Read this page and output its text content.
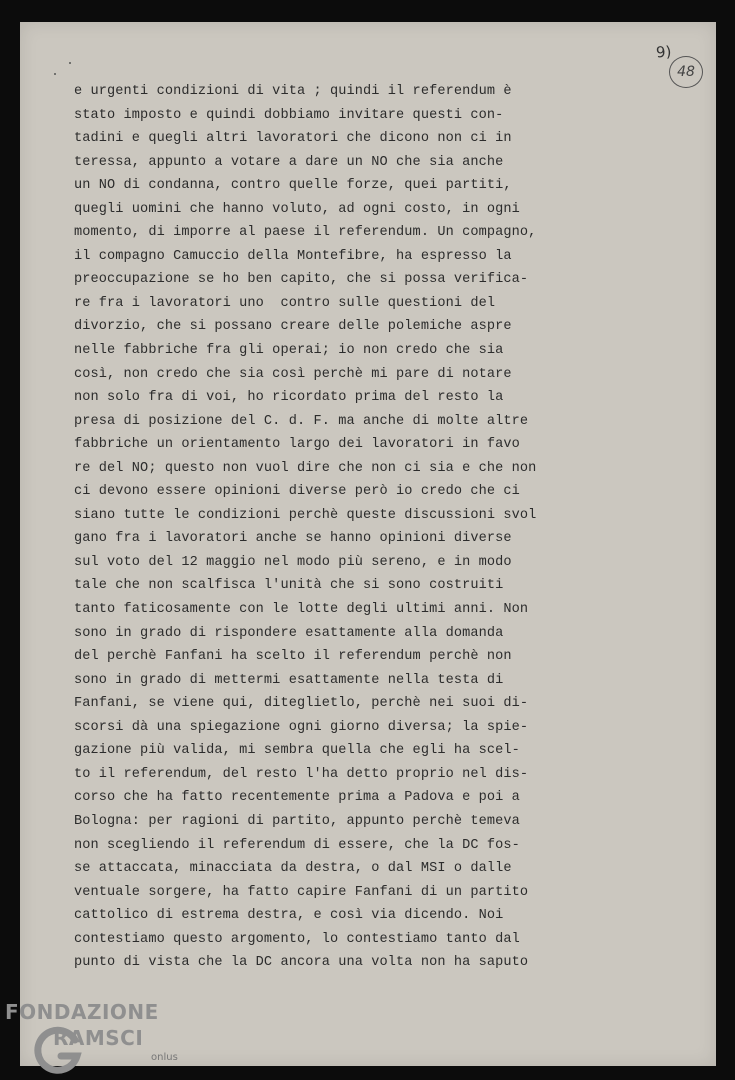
9)
48
e urgenti condizioni di vita ; quindi il referendum è
stato imposto e quindi dobbiamo invitare questi con-
tadini e quegli altri lavoratori che dicono non ci in
teressa, appunto a votare a dare un NO che sia anche
un NO di condanna, contro quelle forze, quei partiti,
quegli uomini che hanno voluto, ad ogni costo, in ogni
momento, di imporre al paese il referendum. Un compagno,
il compagno Camuccio della Montefibre, ha espresso la
preoccupazione se ho ben capito, che si possa verifica-
re fra i lavoratori uno  contro sulle questioni del
divorzio, che si possano creare delle polemiche aspre
nelle fabbriche fra gli operai; io non credo che sia
così, non credo che sia così perchè mi pare di notare
non solo fra di voi, ho ricordato prima del resto la
presa di posizione del C. d. F. ma anche di molte altre
fabbriche un orientamento largo dei lavoratori in favo
re del NO; questo non vuol dire che non ci sia e che non
ci devono essere opinioni diverse però io credo che ci
siano tutte le condizioni perchè queste discussioni svol
gano fra i lavoratori anche se hanno opinioni diverse
sul voto del 12 maggio nel modo più sereno, e in modo
tale che non scalfisca l'unità che si sono costruiti
tanto faticosamente con le lotte degli ultimi anni. Non
sono in grado di rispondere esattamente alla domanda
del perchè Fanfani ha scelto il referendum perchè non
sono in grado di mettermi esattamente nella testa di
Fanfani, se viene qui, diteglietlo, perchè nei suoi di-
scorsi dà una spiegazione ogni giorno diversa; la spie-
gazione più valida, mi sembra quella che egli ha scel-
to il referendum, del resto l'ha detto proprio nel dis-
corso che ha fatto recentemente prima a Padova e poi a
Bologna: per ragioni di partito, appunto perchè temeva
non scegliendo il referendum di essere, che la DC fos-
se attaccata, minacciata da destra, o dal MSI o dalle
ventuale sorgere, ha fatto capire Fanfani di un partito
cattolico di estrema destra, e così via dicendo. Noi
contestiamo questo argomento, lo contestiamo tanto dal
punto di vista che la DC ancora una volta non ha saputo
FONDAZIONE
RAMSCI
onlus
